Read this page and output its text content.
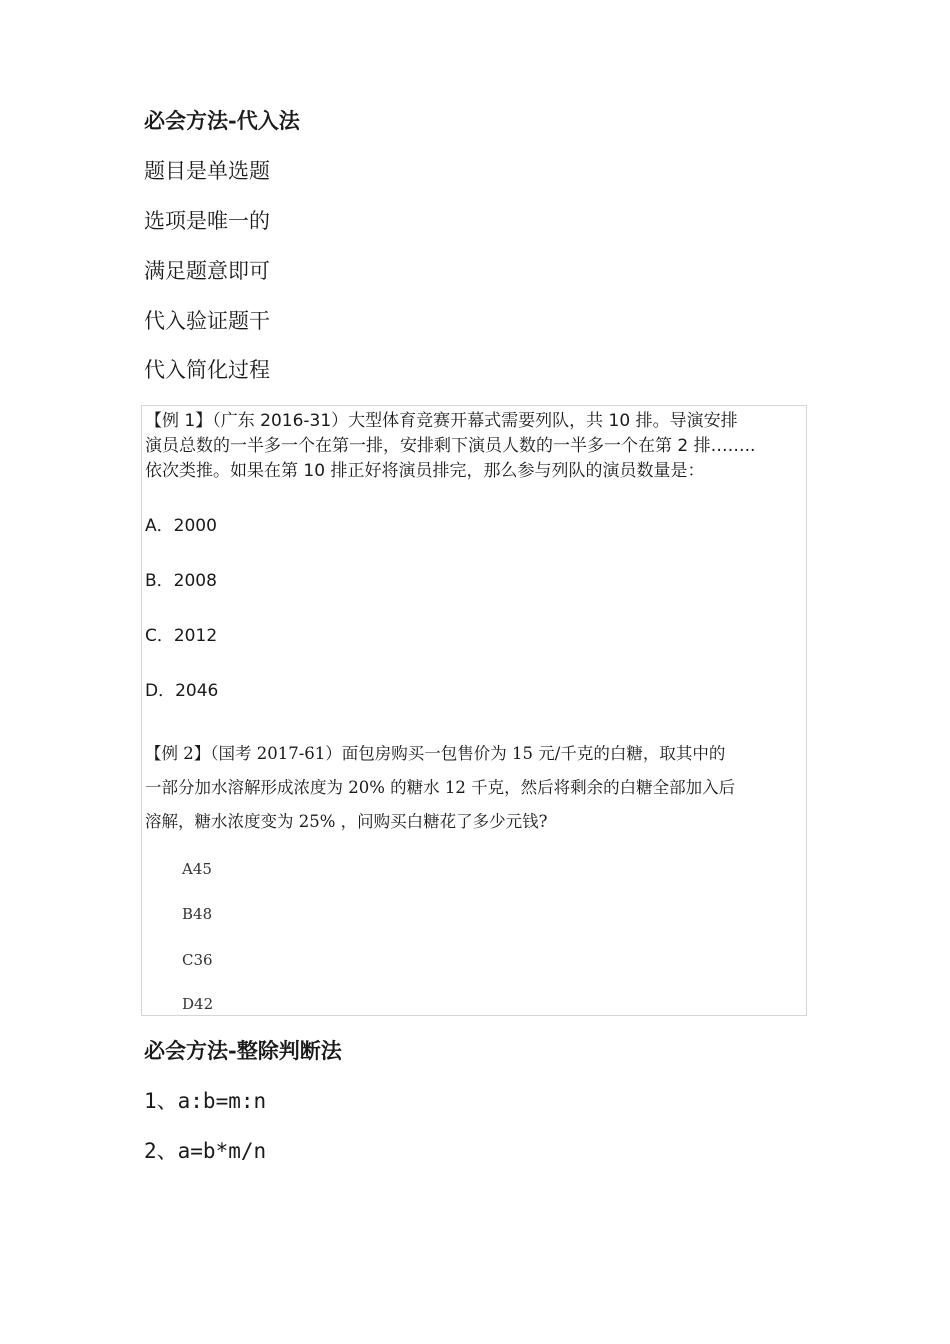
必会方法-代入法
题目是单选题
选项是唯一的
满足题意即可
代入验证题干
代入简化过程
【例 1】（广东 2016-31）大型体育竞赛开幕式需要列队，共 10 排。导演安排
演员总数的一半多一个在第一排，安排剩下演员人数的一半多一个在第 2 排……..
依次类推。如果在第 10 排正好将演员排完，那么参与列队的演员数量是：
A．2000
B．2008
C．2012
D．2046
【例 2】（国考 2017-61）面包房购买一包售价为 15 元/千克的白糖，取其中的
一部分加水溶解形成浓度为 20% 的糖水 12 千克，然后将剩余的白糖全部加入后
溶解，糖水浓度变为 25% ，问购买白糖花了多少元钱?
A45
B48
C36
D42
必会方法-整除判断法
1、a:b=m:n
2、a=b*m/n
